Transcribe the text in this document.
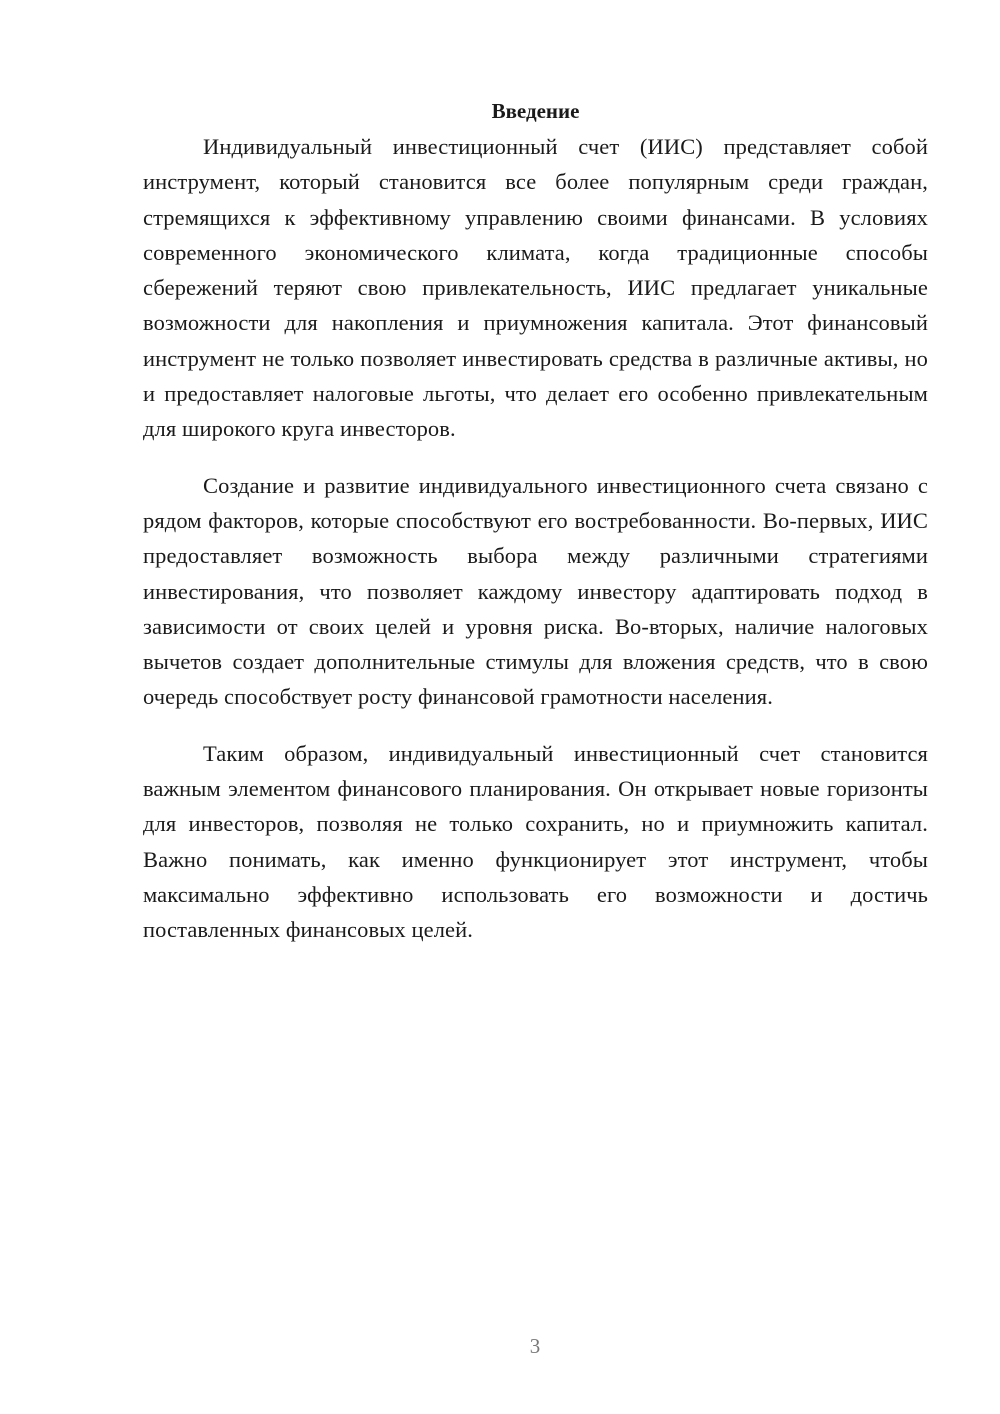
Введение

Индивидуальный инвестиционный счет (ИИС) представляет собой инструмент, который становится все более популярным среди граждан, стремящихся к эффективному управлению своими финансами. В условиях современного экономического климата, когда традиционные способы сбережений теряют свою привлекательность, ИИС предлагает уникальные возможности для накопления и приумножения капитала. Этот финансовый инструмент не только позволяет инвестировать средства в различные активы, но и предоставляет налоговые льготы, что делает его особенно привлекательным для широкого круга инвесторов.

Создание и развитие индивидуального инвестиционного счета связано с рядом факторов, которые способствуют его востребованности. Во-первых, ИИС предоставляет возможность выбора между различными стратегиями инвестирования, что позволяет каждому инвестору адаптировать подход в зависимости от своих целей и уровня риска. Во-вторых, наличие налоговых вычетов создает дополнительные стимулы для вложения средств, что в свою очередь способствует росту финансовой грамотности населения.

Таким образом, индивидуальный инвестиционный счет становится важным элементом финансового планирования. Он открывает новые горизонты для инвесторов, позволяя не только сохранить, но и приумножить капитал. Важно понимать, как именно функционирует этот инструмент, чтобы максимально эффективно использовать его возможности и достичь поставленных финансовых целей.

3
